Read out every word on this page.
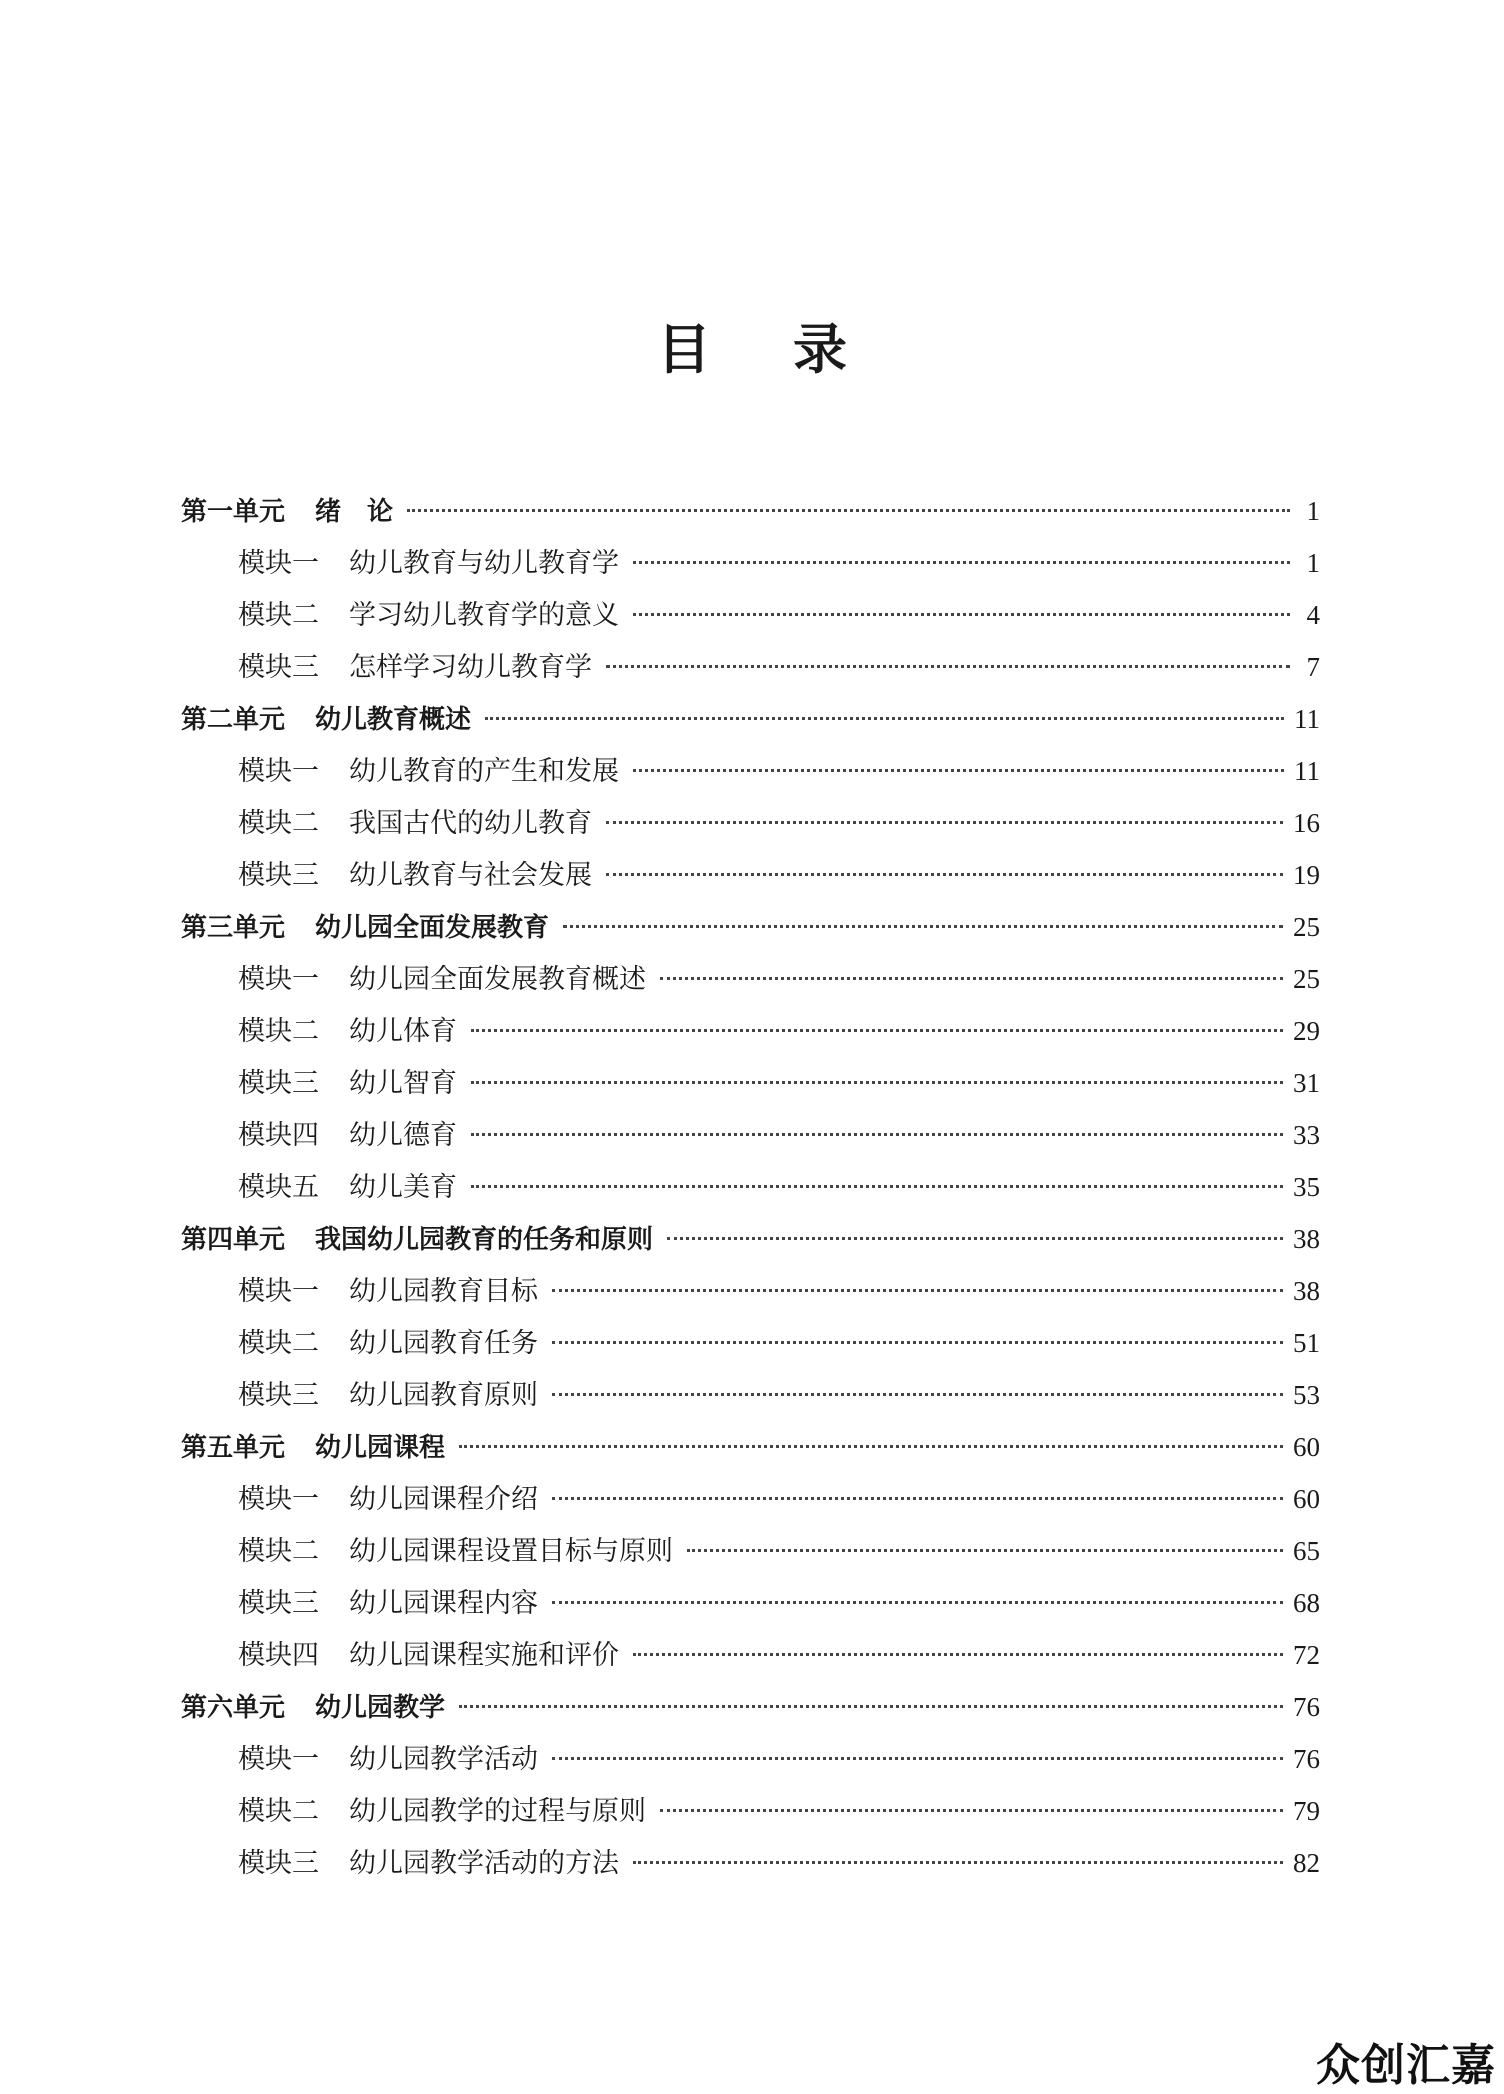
目 录
第一单元 绪　论	1
模块一 幼儿教育与幼儿教育学	1
模块二 学习幼儿教育学的意义	4
模块三 怎样学习幼儿教育学	7
第二单元 幼儿教育概述	11
模块一 幼儿教育的产生和发展	11
模块二 我国古代的幼儿教育	16
模块三 幼儿教育与社会发展	19
第三单元 幼儿园全面发展教育	25
模块一 幼儿园全面发展教育概述	25
模块二 幼儿体育	29
模块三 幼儿智育	31
模块四 幼儿德育	33
模块五 幼儿美育	35
第四单元 我国幼儿园教育的任务和原则	38
模块一 幼儿园教育目标	38
模块二 幼儿园教育任务	51
模块三 幼儿园教育原则	53
第五单元 幼儿园课程	60
模块一 幼儿园课程介绍	60
模块二 幼儿园课程设置目标与原则	65
模块三 幼儿园课程内容	68
模块四 幼儿园课程实施和评价	72
第六单元 幼儿园教学	76
模块一 幼儿园教学活动	76
模块二 幼儿园教学的过程与原则	79
模块三 幼儿园教学活动的方法	82
众创汇嘉
